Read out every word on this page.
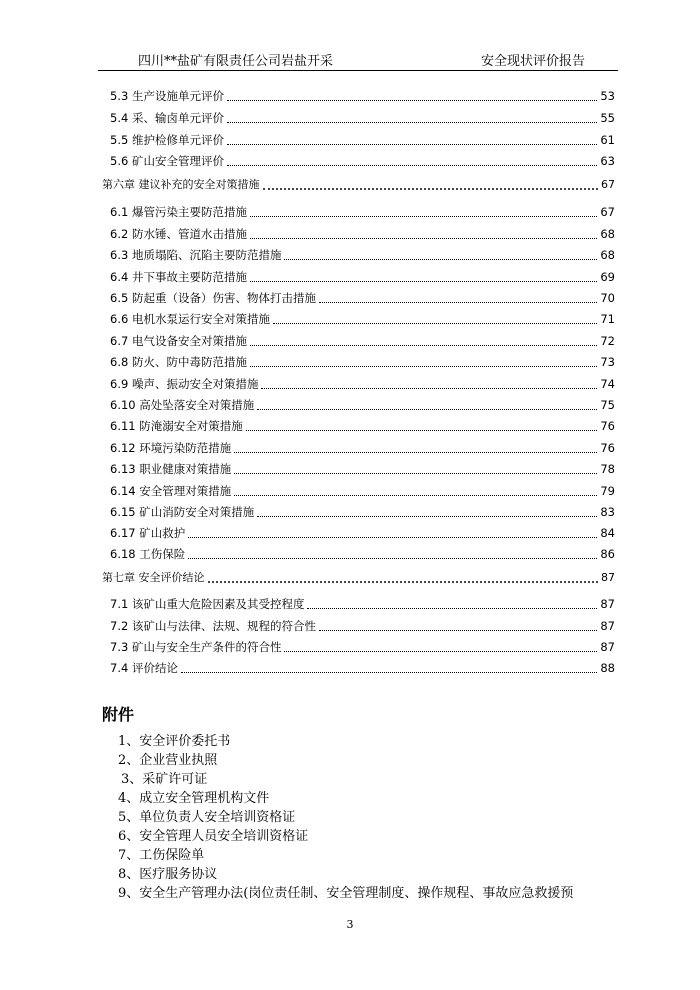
四川**盐矿有限责任公司岩盐开采	安全现状评价报告
5.3 生产设施单元评价	53
5.4 采、输卤单元评价	55
5.5 维护检修单元评价	61
5.6 矿山安全管理评价	63
第六章 建议补充的安全对策措施	67
6.1 爆管污染主要防范措施	67
6.2 防水锤、管道水击措施	68
6.3 地质塌陷、沉陷主要防范措施	68
6.4 井下事故主要防范措施	69
6.5 防起重（设备）伤害、物体打击措施	70
6.6 电机水泵运行安全对策措施	71
6.7 电气设备安全对策措施	72
6.8 防火、防中毒防范措施	73
6.9 噪声、振动安全对策措施	74
6.10 高处坠落安全对策措施	75
6.11 防淹溺安全对策措施	76
6.12 环境污染防范措施	76
6.13 职业健康对策措施	78
6.14 安全管理对策措施	79
6.15 矿山消防安全对策措施	83
6.17 矿山救护	84
6.18 工伤保险	86
第七章 安全评价结论	87
7.1 该矿山重大危险因素及其受控程度	87
7.2 该矿山与法律、法规、规程的符合性	87
7.3 矿山与安全生产条件的符合性	87
7.4 评价结论	88
附件
1、安全评价委托书
2、企业营业执照
3、采矿许可证
4、成立安全管理机构文件
5、单位负责人安全培训资格证
6、安全管理人员安全培训资格证
7、工伤保险单
8、医疗服务协议
9、安全生产管理办法(岗位责任制、安全管理制度、操作规程、事故应急救援预
3
